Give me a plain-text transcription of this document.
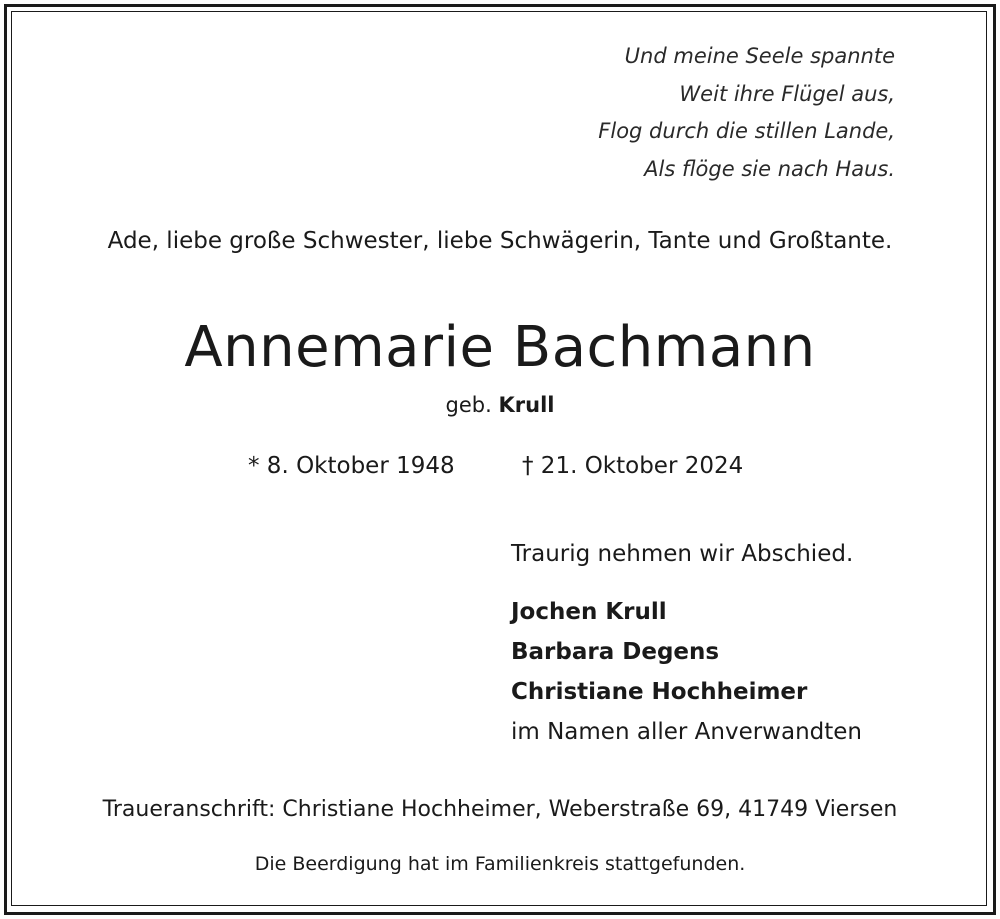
Und meine Seele spannte
Weit ihre Flügel aus,
Flog durch die stillen Lande,
Als flöge sie nach Haus.
Ade, liebe große Schwester, liebe Schwägerin, Tante und Großtante.
Annemarie Bachmann
geb. Krull
* 8. Oktober 1948	† 21. Oktober 2024
Traurig nehmen wir Abschied.
Jochen Krull
Barbara Degens
Christiane Hochheimer
im Namen aller Anverwandten
Traueranschrift: Christiane Hochheimer, Weberstraße 69, 41749 Viersen
Die Beerdigung hat im Familienkreis stattgefunden.
